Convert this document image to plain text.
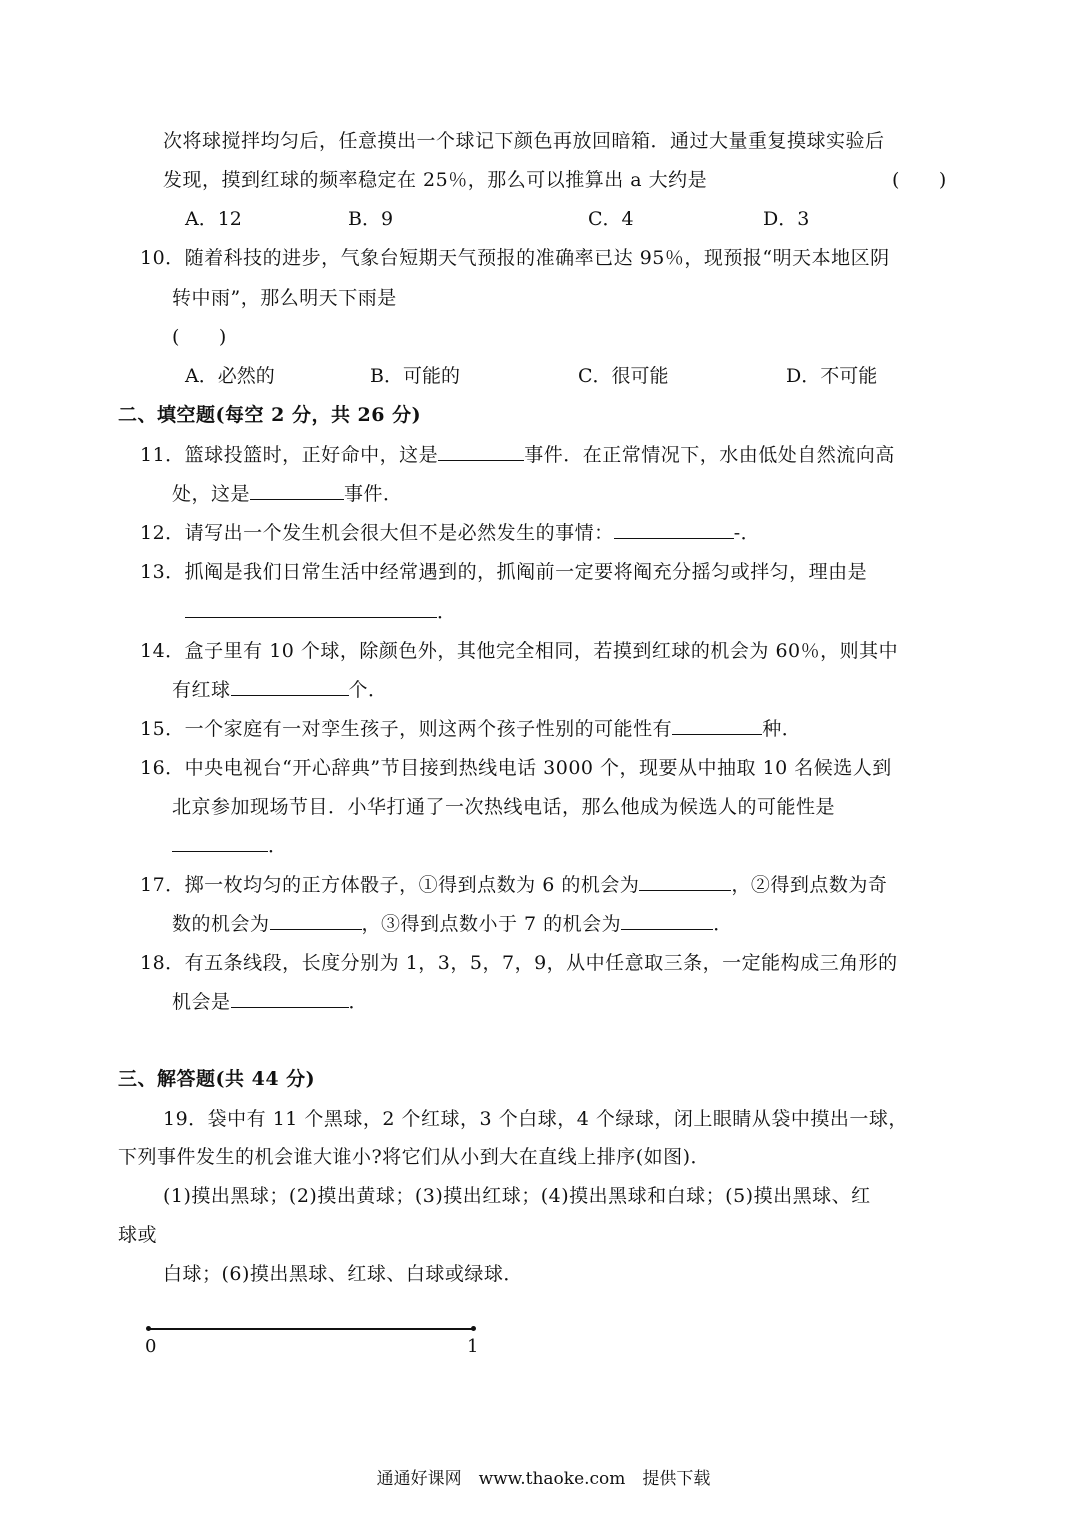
次将球搅拌均匀后，任意摸出一个球记下颜色再放回暗箱．通过大量重复摸球实验后
发现，摸到红球的频率稳定在 25％，那么可以推算出 a 大约是	(　　)
A．12	B．9	C．4	D．3
10．随着科技的进步，气象台短期天气预报的准确率已达 95％，现预报“明天本地区阴
转中雨”，那么明天下雨是
(　　)
A．必然的	B．可能的	C．很可能	D．不可能
二、填空题(每空 2 分，共 26 分)
11．篮球投篮时，正好命中，这是	事件．在正常情况下，水由低处自然流向高
处，这是	事件．
12．请写出一个发生机会很大但不是必然发生的事情：	-．
13．抓阄是我们日常生活中经常遇到的，抓阄前一定要将阄充分摇匀或拌匀，理由是
．
14．盒子里有 10 个球，除颜色外，其他完全相同，若摸到红球的机会为 60％，则其中
有红球	个．
15．一个家庭有一对孪生孩子，则这两个孩子性别的可能性有	种．
16．中央电视台“开心辞典”节目接到热线电话 3000 个，现要从中抽取 10 名候选人到
北京参加现场节目．小华打通了一次热线电话，那么他成为候选人的可能性是
．
17．掷一枚均匀的正方体骰子，①得到点数为 6 的机会为	，②得到点数为奇
数的机会为	，③得到点数小于 7 的机会为	．
18．有五条线段，长度分别为 1，3，5，7，9，从中任意取三条，一定能构成三角形的
机会是	．
三、解答题(共 44 分)
19．袋中有 11 个黑球，2 个红球，3 个白球，4 个绿球，闭上眼睛从袋中摸出一球，
下列事件发生的机会谁大谁小?将它们从小到大在直线上排序(如图)．
(1)摸出黑球；(2)摸出黄球；(3)摸出红球；(4)摸出黑球和白球；(5)摸出黑球、红
球或
白球；(6)摸出黑球、红球、白球或绿球．
0	1
通通好课网　www.thaoke.com　提供下载
